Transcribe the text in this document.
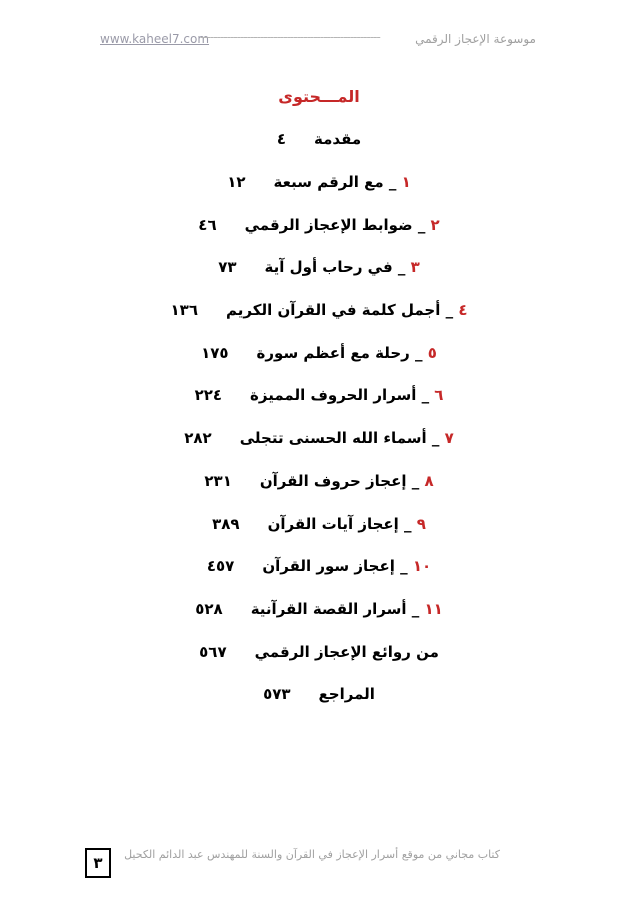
www.kaheel7.com
------------------------------------------------------	موسوعة الإعجاز الرقمي
المـــحتوى
مقدمة
٤
١ _ مع الرقم سبعة
١٢
٢ _ ضوابط الإعجاز الرقمي
٤٦
٣ _ في رحاب أول آية
٧٣
٤ _ أجمل كلمة في القرآن الكريم
١٣٦
٥ _ رحلة مع أعظم سورة
١٧٥
٦ _ أسرار الحروف المميزة
٢٢٤
٧ _ أسماء الله الحسنى تتجلى
٢٨٢
٨ _ إعجاز حروف القرآن
٢٣١
٩ _ إعجاز آيات القرآن
٣٨٩
١٠ _ إعجاز سور القرآن
٤٥٧
١١ _ أسرار القصة القرآنية
٥٢٨
من روائع الإعجاز الرقمي
٥٦٧
المراجع
٥٧٣
كتاب مجاني من موقع أسرار الإعجاز في القرآن والسنة للمهندس عبد الدائم الكحيل
٣
